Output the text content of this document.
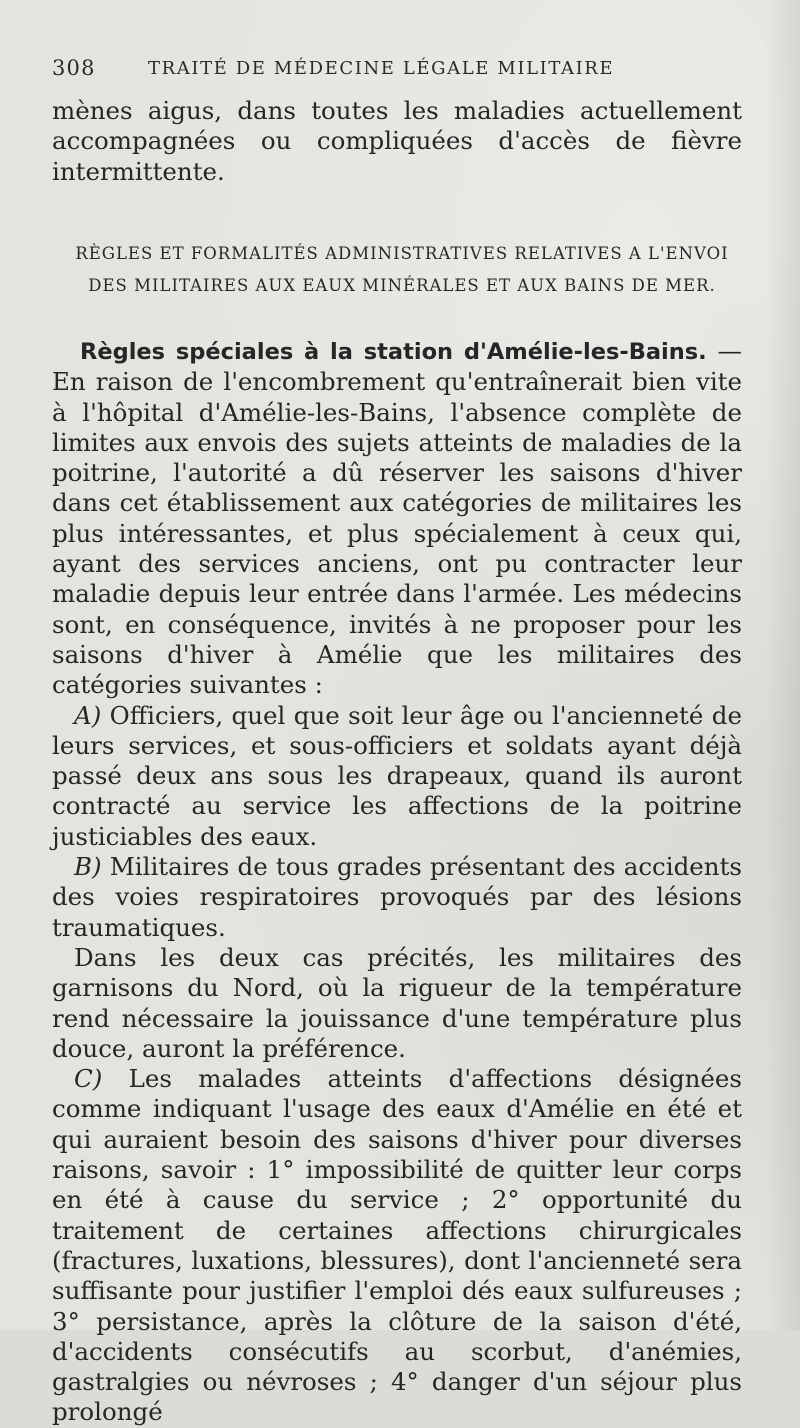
308	TRAITÉ DE MÉDECINE LÉGALE MILITAIRE
mènes aigus, dans toutes les maladies actuellement accompagnées ou compliquées d'accès de fièvre intermittente.

RÈGLES ET FORMALITÉS ADMINISTRATIVES RELATIVES A L'ENVOI

DES MILITAIRES AUX EAUX MINÉRALES ET AUX BAINS DE MER.

Règles spéciales à la station d'Amélie-les-Bains. — En raison de l'encombrement qu'entraînerait bien vite à l'hôpital d'Amélie-les-Bains, l'absence complète de limites aux envois des sujets atteints de maladies de la poitrine, l'autorité a dû réserver les saisons d'hiver dans cet établissement aux catégories de militaires les plus intéressantes, et plus spécialement à ceux qui, ayant des services anciens, ont pu contracter leur maladie depuis leur entrée dans l'armée. Les médecins sont, en conséquence, invités à ne proposer pour les saisons d'hiver à Amélie que les militaires des catégories suivantes :

A) Officiers, quel que soit leur âge ou l'ancienneté de leurs services, et sous-officiers et soldats ayant déjà passé deux ans sous les drapeaux, quand ils auront contracté au service les affections de la poitrine justiciables des eaux.

B) Militaires de tous grades présentant des accidents des voies respiratoires provoqués par des lésions traumatiques.

Dans les deux cas précités, les militaires des garnisons du Nord, où la rigueur de la température rend nécessaire la jouissance d'une température plus douce, auront la préférence.

C) Les malades atteints d'affections désignées comme indiquant l'usage des eaux d'Amélie en été et qui auraient besoin des saisons d'hiver pour diverses raisons, savoir : 1° impossibilité de quitter leur corps en été à cause du service ; 2° opportunité du traitement de certaines affections chirurgicales (fractures, luxations, blessures), dont l'ancienneté sera suffisante pour justifier l'emploi dés eaux sulfureuses ; 3° persistance, après la clôture de la saison d'été, d'accidents consécutifs au scorbut, d'anémies, gastralgies ou névroses ; 4° danger d'un séjour plus prolongé
